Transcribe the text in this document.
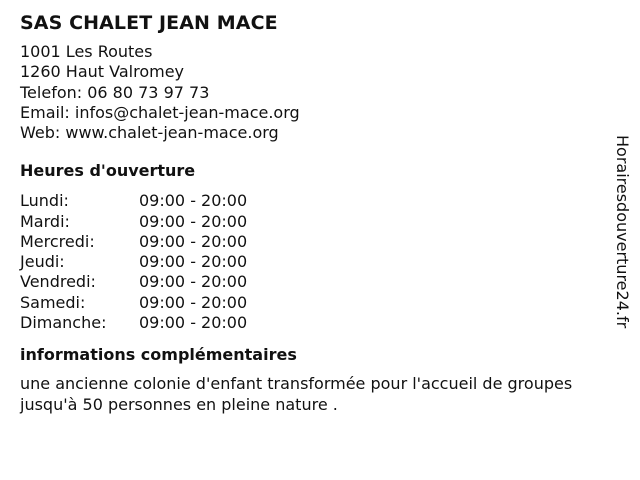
SAS CHALET JEAN MACE
1001 Les Routes
1260 Haut Valromey
Telefon: 06 80 73 97 73
Email: infos@chalet-jean-mace.org
Web: www.chalet-jean-mace.org
Heures d'ouverture
Lundi:	09:00 - 20:00
Mardi:	09:00 - 20:00
Mercredi:	09:00 - 20:00
Jeudi:	09:00 - 20:00
Vendredi:	09:00 - 20:00
Samedi:	09:00 - 20:00
Dimanche:	09:00 - 20:00
informations complémentaires

une ancienne colonie d'enfant transformée pour l'accueil de groupes jusqu'à 50 personnes en pleine nature .

Horairesdouverture24.fr
